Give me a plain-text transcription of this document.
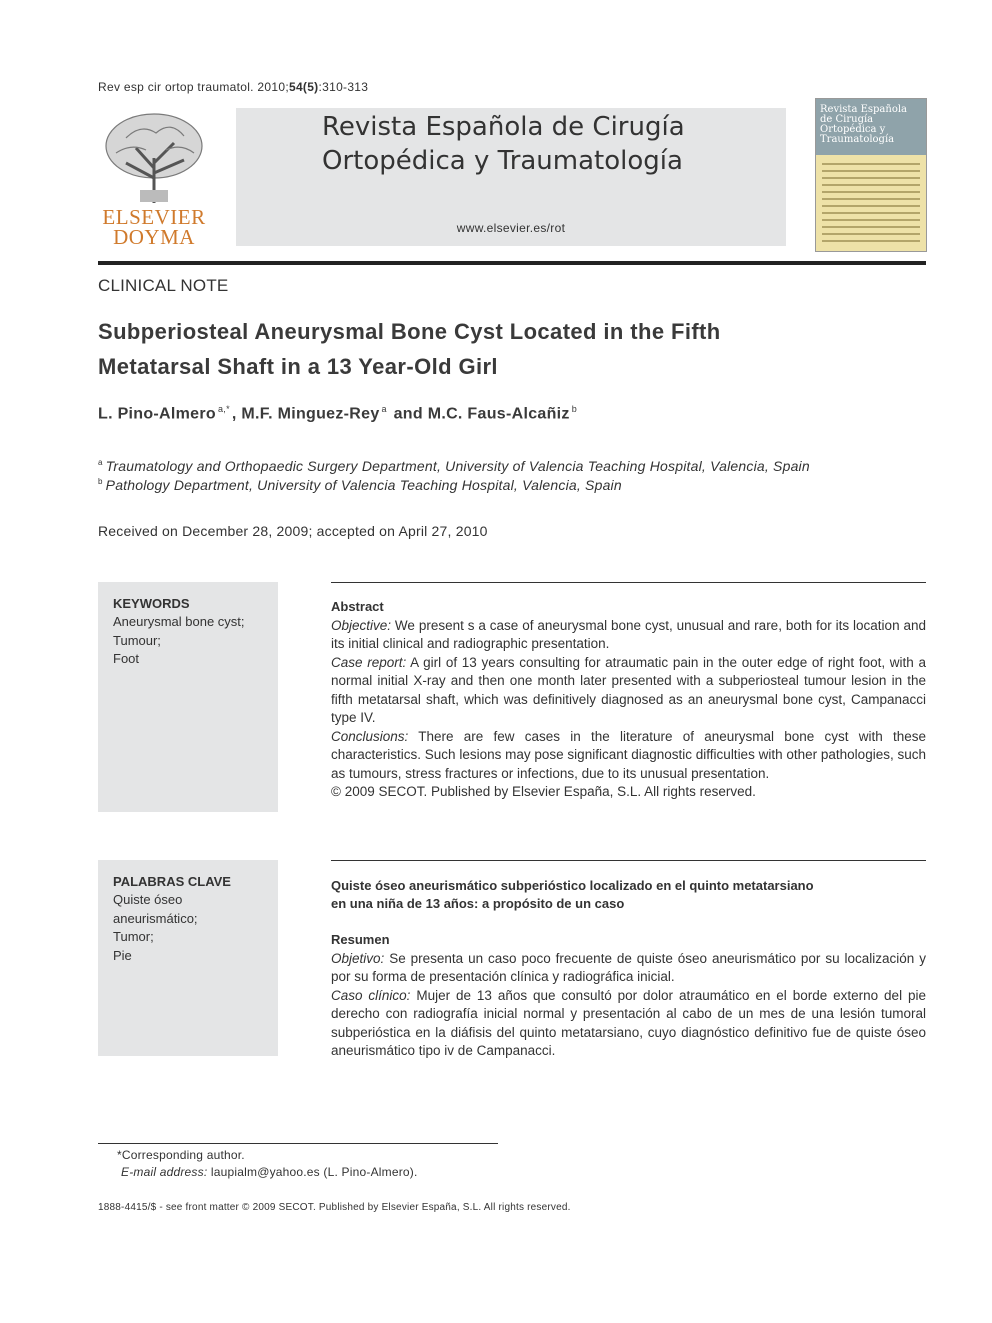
Rev esp cir ortop traumatol. 2010;54(5):310-313
ELSEVIER
DOYMA
Revista Española de Cirugía
Ortopédica y Traumatología
www.elsevier.es/rot
Revista Española de Cirugía Ortopédica y Traumatología
CLINICAL NOTE
Subperiosteal Aneurysmal Bone Cyst Located in the Fifth
Metatarsal Shaft in a 13 Year-Old Girl
L. Pino-Almero $^{a,*}$ , M.F. Minguez-Rey $^a$ and M.C. Faus-Alcañiz $^b$
$^a$ Traumatology and Orthopaedic Surgery Department, University of Valencia Teaching Hospital, Valencia, Spain
$^b$ Pathology Department, University of Valencia Teaching Hospital, Valencia, Spain
Received on December 28, 2009; accepted on April 27, 2010
KEYWORDS
Aneurysmal bone cyst;
Tumour;
Foot
Abstract
Objective: We present s a case of aneurysmal bone cyst, unusual and rare, both for its location and its initial clinical and radiographic presentation.
Case report: A girl of 13 years consulting for atraumatic pain in the outer edge of right foot, with a normal initial X-ray and then one month later presented with a subperiosteal tumour lesion in the fifth metatarsal shaft, which was definitively diagnosed as an aneurysmal bone cyst, Campanacci type IV.
Conclusions: There are few cases in the literature of aneurysmal bone cyst with these characteristics. Such lesions may pose significant diagnostic difficulties with other pathologies, such as tumours, stress fractures or infections, due to its unusual presentation.
© 2009 SECOT. Published by Elsevier España, S.L. All rights reserved.
PALABRAS CLAVE
Quiste óseo aneurismático;
Tumor;
Pie
Quiste óseo aneurismático subperióstico localizado en el quinto metatarsiano
en una niña de 13 años: a propósito de un caso
Resumen
Objetivo: Se presenta un caso poco frecuente de quiste óseo aneurismático por su localización y por su forma de presentación clínica y radiográfica inicial.
Caso clínico: Mujer de 13 años que consultó por dolor atraumático en el borde externo del pie derecho con radiografía inicial normal y presentación al cabo de un mes de una lesión tumoral subperióstica en la diáfisis del quinto metatarsiano, cuyo diagnóstico definitivo fue de quiste óseo aneurismático tipo iv de Campanacci.
*Corresponding author.
E-mail address: laupialm@yahoo.es (L. Pino-Almero).
1888-4415/$ - see front matter © 2009 SECOT. Published by Elsevier España, S.L. All rights reserved.
